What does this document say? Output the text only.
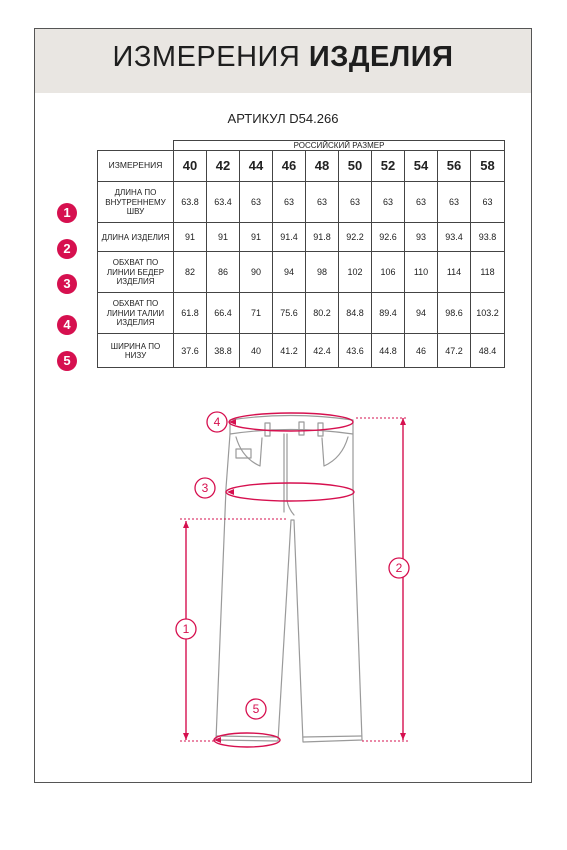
ИЗМЕРЕНИЯ ИЗДЕЛИЯ
АРТИКУЛ D54.266
	РОССИЙСКИЙ РАЗМЕР									
ИЗМЕРЕНИЯ	40	42	44	46	48	50	52	54	56	58
ДЛИНА ПО ВНУТРЕННЕМУ ШВУ	63.8	63.4	63	63	63	63	63	63	63	63
ДЛИНА ИЗДЕЛИЯ	91	91	91	91.4	91.8	92.2	92.6	93	93.4	93.8
ОБХВАТ ПО ЛИНИИ БЕДЕР ИЗДЕЛИЯ	82	86	90	94	98	102	106	110	114	118
ОБХВАТ ПО ЛИНИИ ТАЛИИ ИЗДЕЛИЯ	61.8	66.4	71	75.6	80.2	84.8	89.4	94	98.6	103.2
ШИРИНА ПО НИЗУ	37.6	38.8	40	41.2	42.4	43.6	44.8	46	47.2	48.4
1
2
3
4
5
4
3
1
2
5
